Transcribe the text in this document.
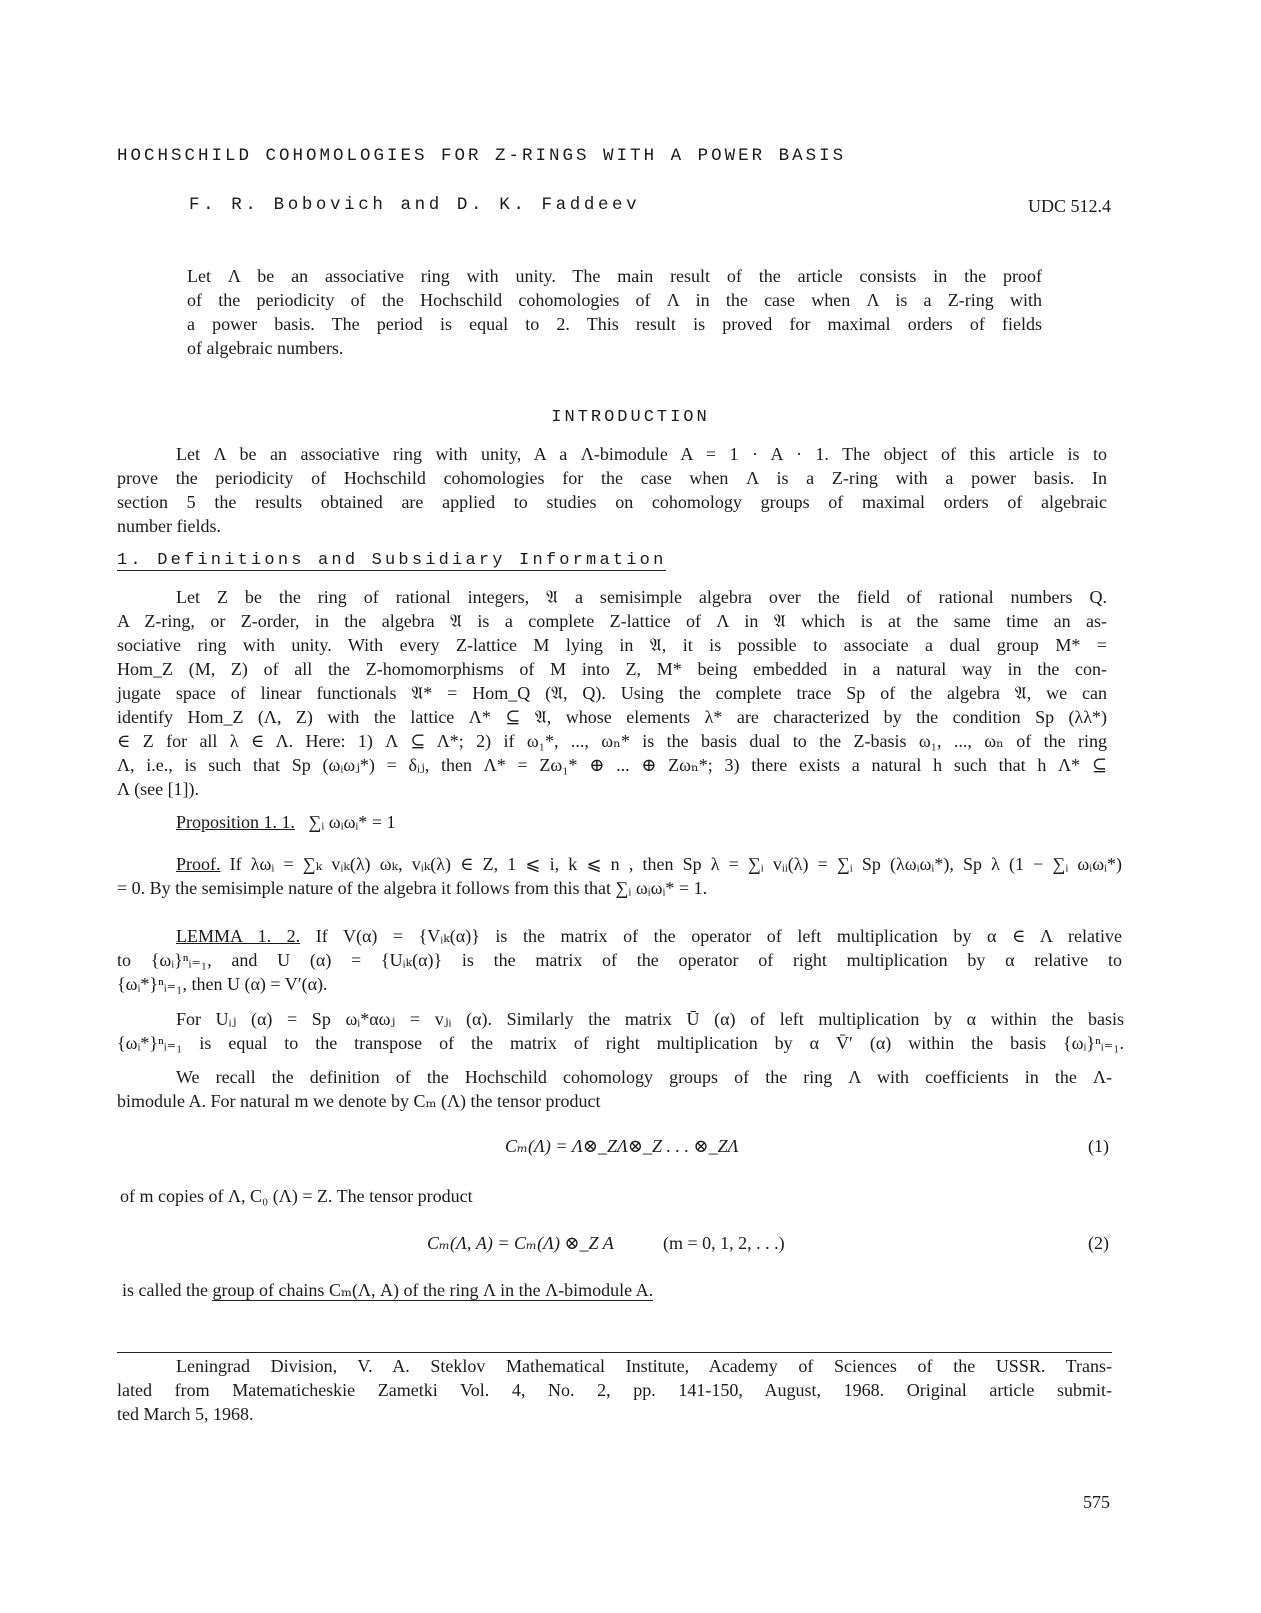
HOCHSCHILD COHOMOLOGIES FOR Z-RINGS WITH A POWER BASIS
F. R. Bobovich and D. K. Faddeev	UDC 512.4
Let Λ be an associative ring with unity. The main result of the article consists in the proof
of the periodicity of the Hochschild cohomologies of Λ in the case when Λ is a Z-ring with
a power basis. The period is equal to 2. This result is proved for maximal orders of fields
of algebraic numbers.
INTRODUCTION
Let Λ be an associative ring with unity, A a Λ-bimodule A = 1 · A · 1. The object of this article is to
prove the periodicity of Hochschild cohomologies for the case when Λ is a Z-ring with a power basis. In
section 5 the results obtained are applied to studies on cohomology groups of maximal orders of algebraic
number fields.
1. Definitions and Subsidiary Information
Let Z be the ring of rational integers, 𝔄 a semisimple algebra over the field of rational numbers Q.
A Z-ring, or Z-order, in the algebra 𝔄 is a complete Z-lattice of Λ in 𝔄 which is at the same time an as-
sociative ring with unity. With every Z-lattice M lying in 𝔄, it is possible to associate a dual group M* =
Hom_Z (M, Z) of all the Z-homomorphisms of M into Z, M* being embedded in a natural way in the con-
jugate space of linear functionals 𝔄* = Hom_Q (𝔄, Q). Using the complete trace Sp of the algebra 𝔄, we can
identify Hom_Z (Λ, Z) with the lattice Λ* ⊆ 𝔄, whose elements λ* are characterized by the condition Sp (λλ*)
∈ Z for all λ ∈ Λ. Here: 1) Λ ⊆ Λ*; 2) if ω₁*, ..., ωₙ* is the basis dual to the Z-basis ω₁, ..., ωₙ of the ring
Λ, i.e., is such that Sp (ωᵢωⱼ*) = δᵢⱼ, then Λ* = Zω₁* ⊕ ... ⊕ Zωₙ*; 3) there exists a natural h such that h Λ* ⊆
Λ (see [1]).
Proposition 1. 1. ∑ᵢ ωᵢωᵢ* = 1
Proof. If λωᵢ = ∑ₖ vᵢₖ(λ) ωₖ, vᵢₖ(λ) ∈ Z, 1 ⩽ i, k ⩽ n , then Sp λ = ∑ᵢ vᵢᵢ(λ) = ∑ᵢ Sp (λωᵢωᵢ*), Sp λ (1 − ∑ᵢ ωᵢωᵢ*)
= 0. By the semisimple nature of the algebra it follows from this that ∑ᵢ ωᵢωᵢ* = 1.
LEMMA 1. 2. If V(α) = {Vᵢₖ(α)} is the matrix of the operator of left multiplication by α ∈ Λ relative
to {ωᵢ}ⁿᵢ₌₁, and U (α) = {Uᵢₖ(α)} is the matrix of the operator of right multiplication by α relative to
{ωᵢ*}ⁿᵢ₌₁, then U (α) = V′(α).
For Uᵢⱼ (α) = Sp ωᵢ*αωⱼ = vⱼᵢ (α). Similarly the matrix Ū (α) of left multiplication by α within the basis
{ωᵢ*}ⁿᵢ₌₁ is equal to the transpose of the matrix of right multiplication by α V̄′ (α) within the basis {ωᵢ}ⁿᵢ₌₁.
We recall the definition of the Hochschild cohomology groups of the ring Λ with coefficients in the Λ-
bimodule A. For natural m we denote by Cₘ (Λ) the tensor product
Cₘ(Λ) = Λ⊗_ZΛ⊗_Z . . . ⊗_ZΛ	(1)
of m copies of Λ, C₀ (Λ) = Z. The tensor product
Cₘ(Λ, A) = Cₘ(Λ) ⊗_Z A	(m = 0, 1, 2, . . .)	(2)
is called the group of chains Cₘ(Λ, A) of the ring Λ in the Λ-bimodule A.
Leningrad Division, V. A. Steklov Mathematical Institute, Academy of Sciences of the USSR. Trans-
lated from Matematicheskie Zametki Vol. 4, No. 2, pp. 141-150, August, 1968. Original article submit-
ted March 5, 1968.
575
